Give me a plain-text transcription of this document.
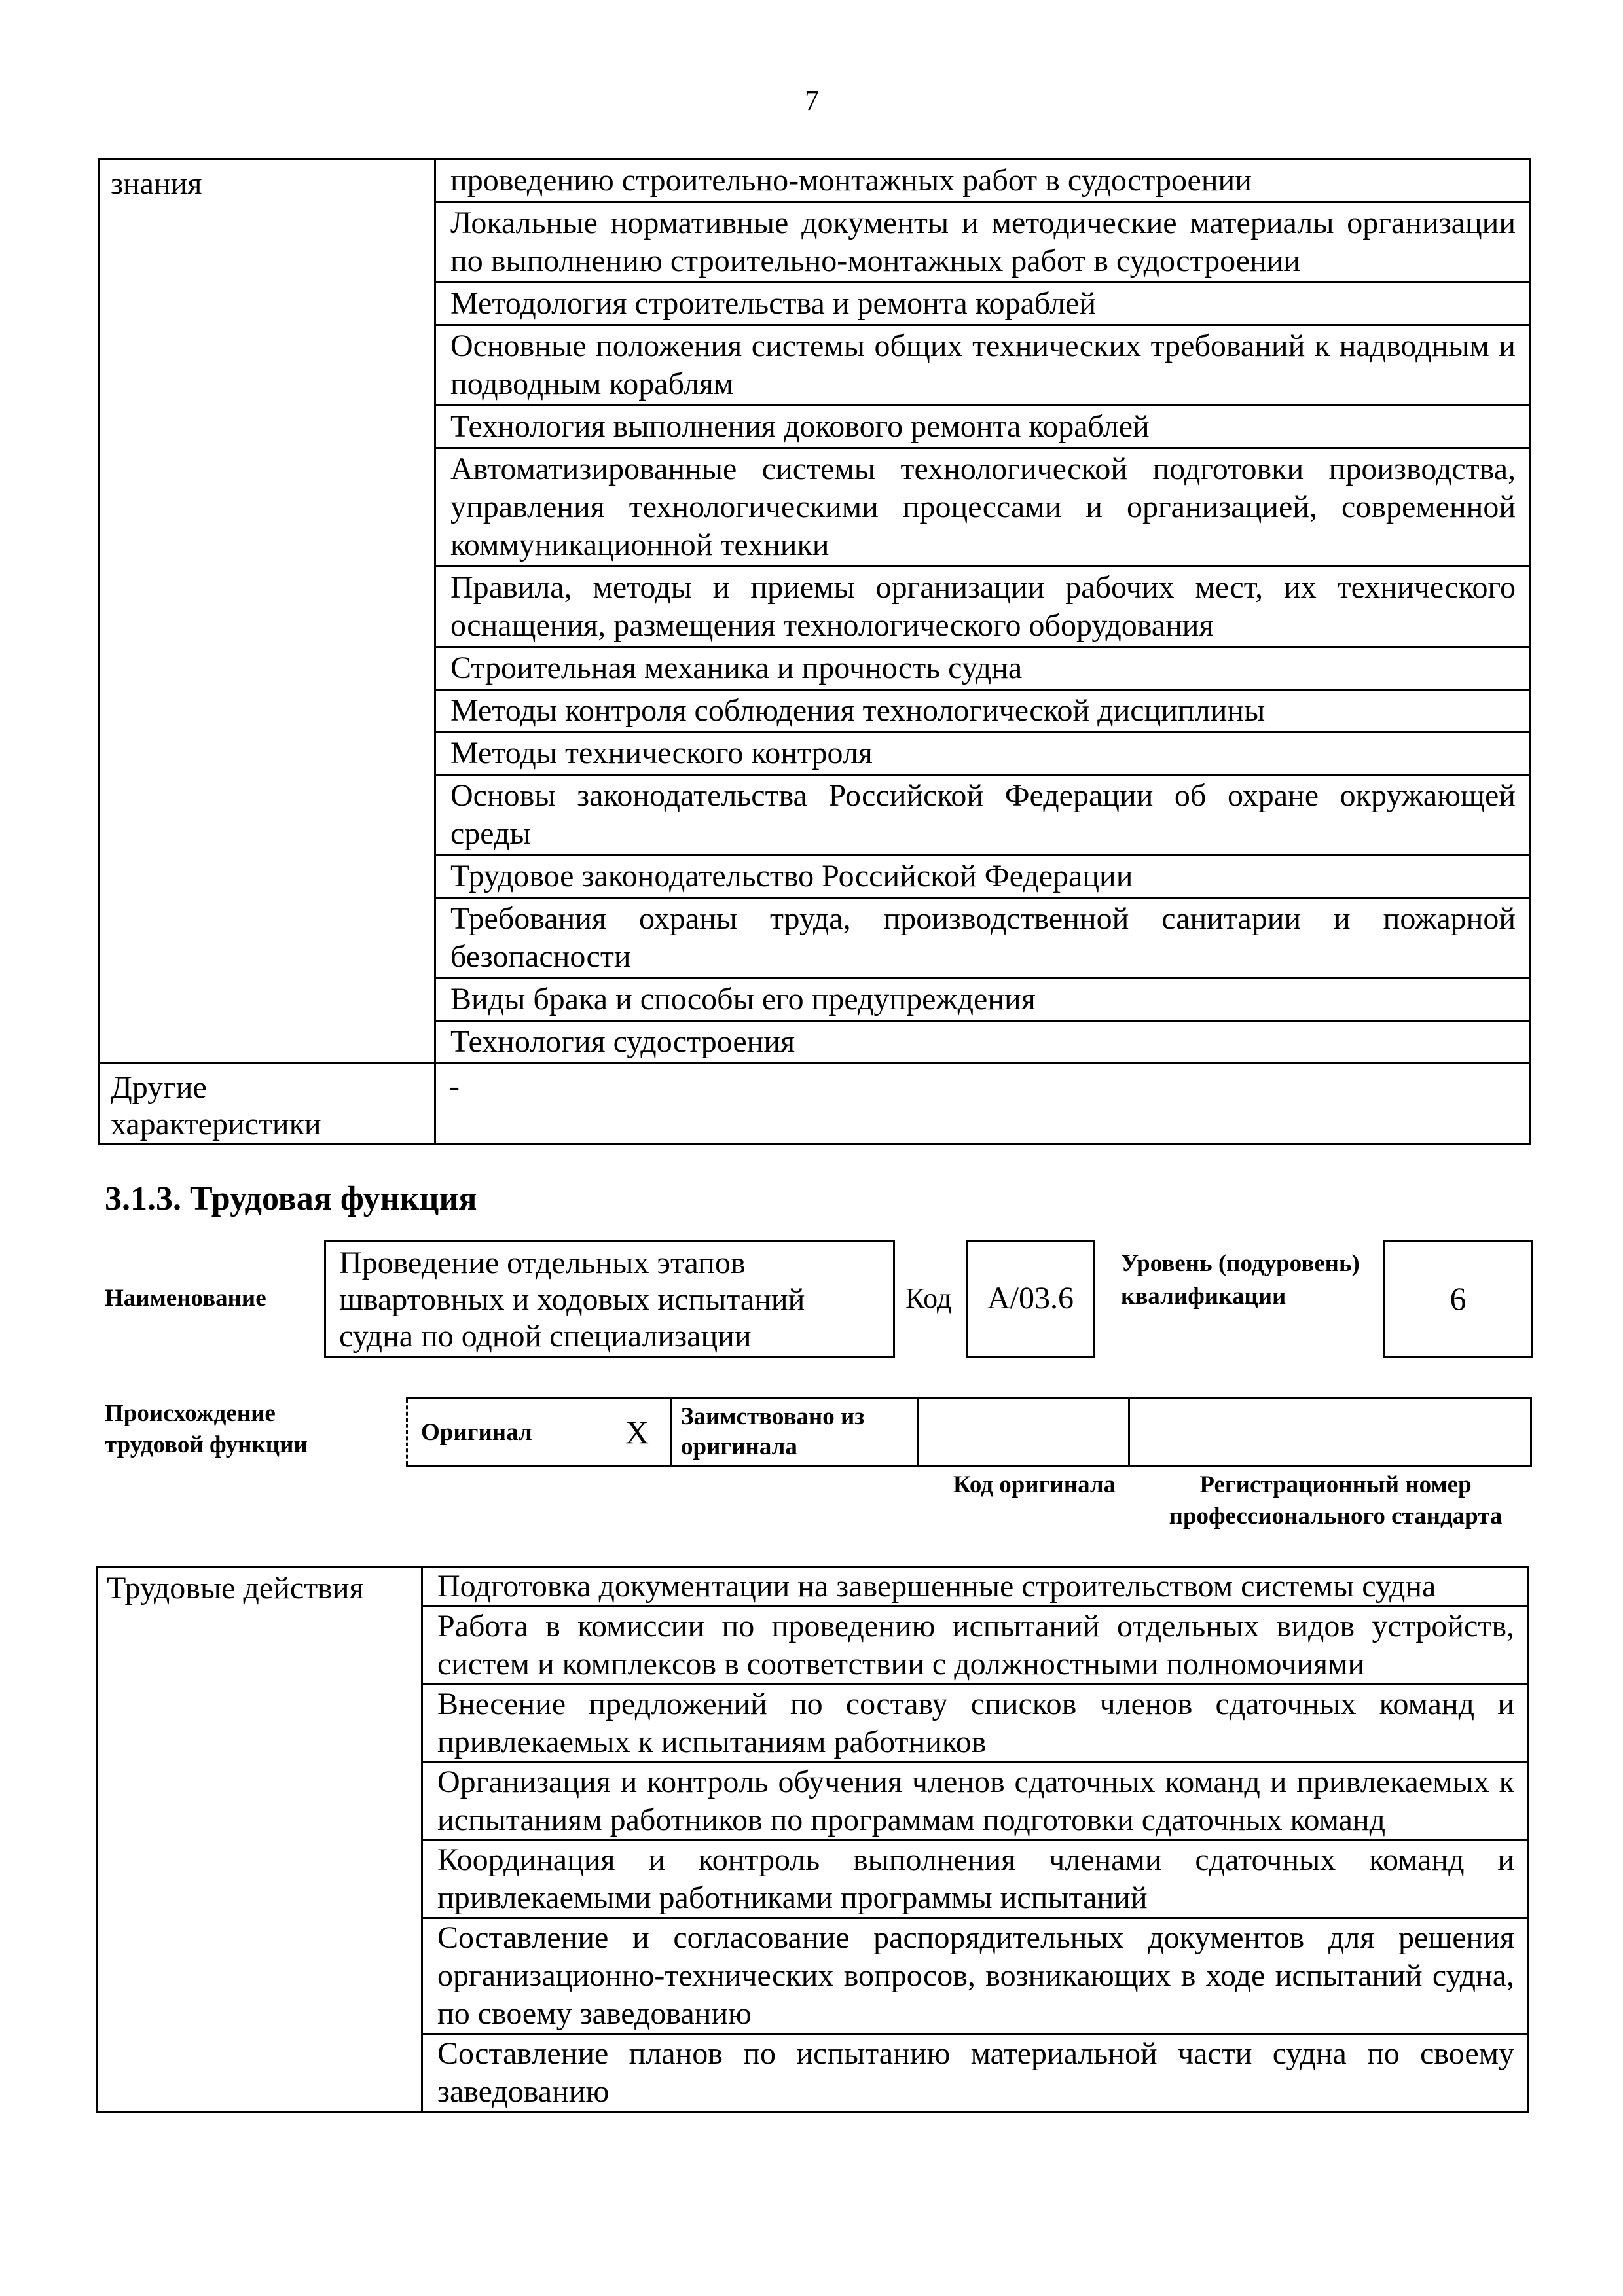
7
знания	проведению строительно-монтажных работ в судостроении
	Локальные нормативные документы и методические материалы организации по выполнению строительно-монтажных работ в судостроении
	Методология строительства и ремонта кораблей
	Основные положения системы общих технических требований к надводным и подводным кораблям
	Технология выполнения докового ремонта кораблей
	Автоматизированные системы технологической подготовки производства, управления технологическими процессами и организацией, современной коммуникационной техники
	Правила, методы и приемы организации рабочих мест, их технического оснащения, размещения технологического оборудования
	Строительная механика и прочность судна
	Методы контроля соблюдения технологической дисциплины
	Методы технического контроля
	Основы законодательства Российской Федерации об охране окружающей среды
	Трудовое законодательство Российской Федерации
	Требования охраны труда, производственной санитарии и пожарной безопасности
	Виды брака и способы его предупреждения
	Технология судостроения
Другие характеристики	-
3.1.3. Трудовая функция
Наименование
Проведение отдельных этапов швартовных и ходовых испытаний судна по одной специализации
Код	А/03.6
Уровень (подуровень) квалификации	6
Происхождение трудовой функции	Оригинал	X	Заимствовано из оригинала		
Код оригинала	Регистрационный номер профессионального стандарта
Трудовые действия	Подготовка документации на завершенные строительством системы судна
Работа в комиссии по проведению испытаний отдельных видов устройств, систем и комплексов в соответствии с должностными полномочиями
Внесение предложений по составу списков членов сдаточных команд и привлекаемых к испытаниям работников
Организация и контроль обучения членов сдаточных команд и привлекаемых к испытаниям работников по программам подготовки сдаточных команд
Координация и контроль выполнения членами сдаточных команд и привлекаемыми работниками программы испытаний
Составление и согласование распорядительных документов для решения организационно-технических вопросов, возникающих в ходе испытаний судна, по своему заведованию
Составление планов по испытанию материальной части судна по своему заведованию
